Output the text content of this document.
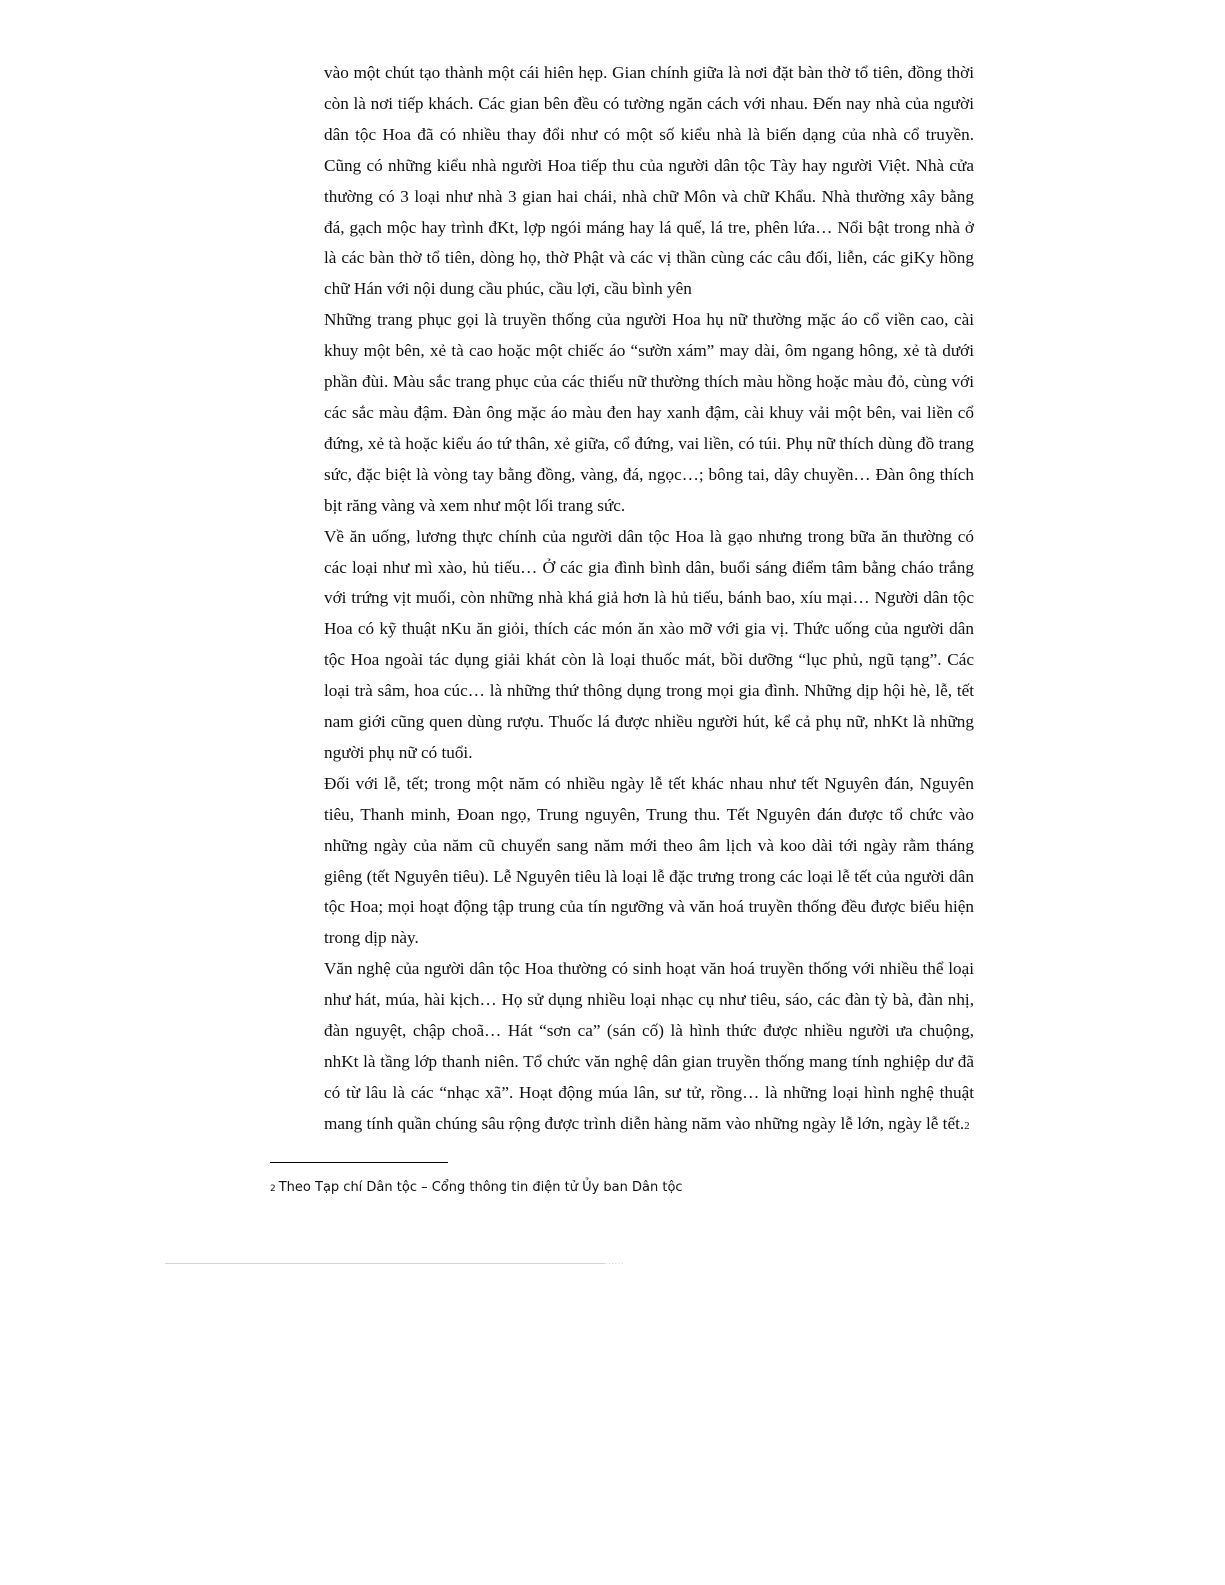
vào một chút tạo thành một cái hiên hẹp. Gian chính giữa là nơi đặt bàn thờ tổ tiên, đồng thời còn là nơi tiếp khách. Các gian bên đều có tường ngăn cách với nhau. Đến nay nhà của người dân tộc Hoa đã có nhiều thay đổi như có một số kiểu nhà là biến dạng của nhà cổ truyền. Cũng có những kiểu nhà người Hoa tiếp thu của người dân tộc Tày hay người Việt. Nhà cửa thường có 3 loại như nhà 3 gian hai chái, nhà chữ Môn và chữ Khẩu. Nhà thường xây bằng đá, gạch mộc hay trình đKt, lợp ngói máng hay lá quế, lá tre, phên lứa… Nổi bật trong nhà ở là các bàn thờ tổ tiên, dòng họ, thờ Phật và các vị thần cùng các câu đối, liễn, các giKy hồng chữ Hán với nội dung cầu phúc, cầu lợi, cầu bình yên

Những trang phục gọi là truyền thống của người Hoa hụ nữ thường mặc áo cổ viền cao, cài khuy một bên, xẻ tà cao hoặc một chiếc áo “sườn xám” may dài, ôm ngang hông, xẻ tà dưới phần đùi. Màu sắc trang phục của các thiếu nữ thường thích màu hồng hoặc màu đỏ, cùng với các sắc màu đậm. Đàn ông mặc áo màu đen hay xanh đậm, cài khuy vải một bên, vai liền cổ đứng, xẻ tà hoặc kiểu áo tứ thân, xẻ giữa, cổ đứng, vai liền, có túi. Phụ nữ thích dùng đồ trang sức, đặc biệt là vòng tay bằng đồng, vàng, đá, ngọc…; bông tai, dây chuyền… Đàn ông thích bịt răng vàng và xem như một lối trang sức.

Về ăn uống, lương thực chính của người dân tộc Hoa là gạo nhưng trong bữa ăn thường có các loại như mì xào, hủ tiếu… Ở các gia đình bình dân, buổi sáng điểm tâm bằng cháo trắng với trứng vịt muối, còn những nhà khá giả hơn là hủ tiếu, bánh bao, xíu mại… Người dân tộc Hoa có kỹ thuật nKu ăn giỏi, thích các món ăn xào mỡ với gia vị. Thức uống của người dân tộc Hoa ngoài tác dụng giải khát còn là loại thuốc mát, bồi dưỡng “lục phủ, ngũ tạng”. Các loại trà sâm, hoa cúc… là những thứ thông dụng trong mọi gia đình. Những dịp hội hè, lễ, tết nam giới cũng quen dùng rượu. Thuốc lá được nhiều người hút, kể cả phụ nữ, nhKt là những người phụ nữ có tuổi.

Đối với lễ, tết; trong một năm có nhiều ngày lễ tết khác nhau như tết Nguyên đán, Nguyên tiêu, Thanh minh, Đoan ngọ, Trung nguyên, Trung thu. Tết Nguyên đán được tổ chức vào những ngày của năm cũ chuyển sang năm mới theo âm lịch và koo dài tới ngày rằm tháng giêng (tết Nguyên tiêu). Lễ Nguyên tiêu là loại lễ đặc trưng trong các loại lễ tết của người dân tộc Hoa; mọi hoạt động tập trung của tín ngưỡng và văn hoá truyền thống đều được biểu hiện trong dịp này.

Văn nghệ của người dân tộc Hoa thường có sinh hoạt văn hoá truyền thống với nhiều thể loại như hát, múa, hài kịch… Họ sử dụng nhiều loại nhạc cụ như tiêu, sáo, các đàn tỳ bà, đàn nhị, đàn nguyệt, chập choã… Hát “sơn ca” (sán cố) là hình thức được nhiều người ưa chuộng, nhKt là tầng lớp thanh niên. Tổ chức văn nghệ dân gian truyền thống mang tính nghiệp dư đã có từ lâu là các “nhạc xã”. Hoạt động múa lân, sư tử, rồng… là những loại hình nghệ thuật mang tính quần chúng sâu rộng được trình diễn hàng năm vào những ngày lễ lớn, ngày lễ tết.2

2 Theo Tạp chí Dân tộc – Cổng thông tin điện tử Ủy ban Dân tộc
......
